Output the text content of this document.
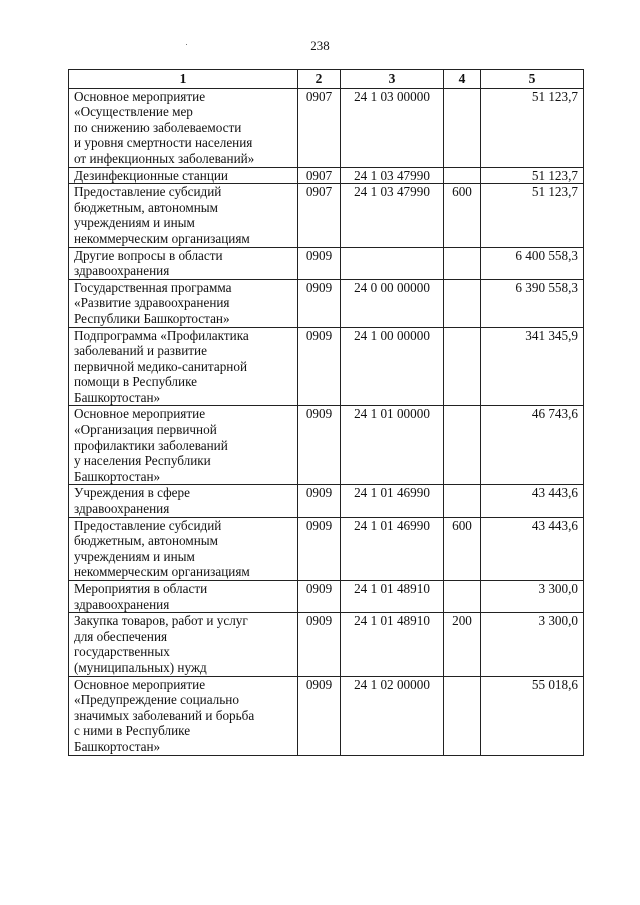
238
1	2	3	4	5
Основное мероприятие
«Осуществление мер
по снижению заболеваемости
и уровня смертности населения
от инфекционных заболеваний»	0907	24 1 03 00000		51 123,7
Дезинфекционные станции	0907	24 1 03 47990		51 123,7
Предоставление субсидий
бюджетным, автономным
учреждениям и иным
некоммерческим организациям	0907	24 1 03 47990	600	51 123,7
Другие вопросы в области
здравоохранения	0909			6 400 558,3
Государственная программа
«Развитие здравоохранения
Республики Башкортостан»	0909	24 0 00 00000		6 390 558,3
Подпрограмма «Профилактика
заболеваний и развитие
первичной медико-санитарной
помощи в Республике
Башкортостан»	0909	24 1 00 00000		341 345,9
Основное мероприятие
«Организация первичной
профилактики заболеваний
у населения Республики
Башкортостан»	0909	24 1 01 00000		46 743,6
Учреждения в сфере
здравоохранения	0909	24 1 01 46990		43 443,6
Предоставление субсидий
бюджетным, автономным
учреждениям и иным
некоммерческим организациям	0909	24 1 01 46990	600	43 443,6
Мероприятия в области
здравоохранения	0909	24 1 01 48910		3 300,0
Закупка товаров, работ и услуг
для обеспечения
государственных
(муниципальных) нужд	0909	24 1 01 48910	200	3 300,0
Основное мероприятие
«Предупреждение социально
значимых заболеваний и борьба
с ними в Республике
Башкортостан»	0909	24 1 02 00000		55 018,6
